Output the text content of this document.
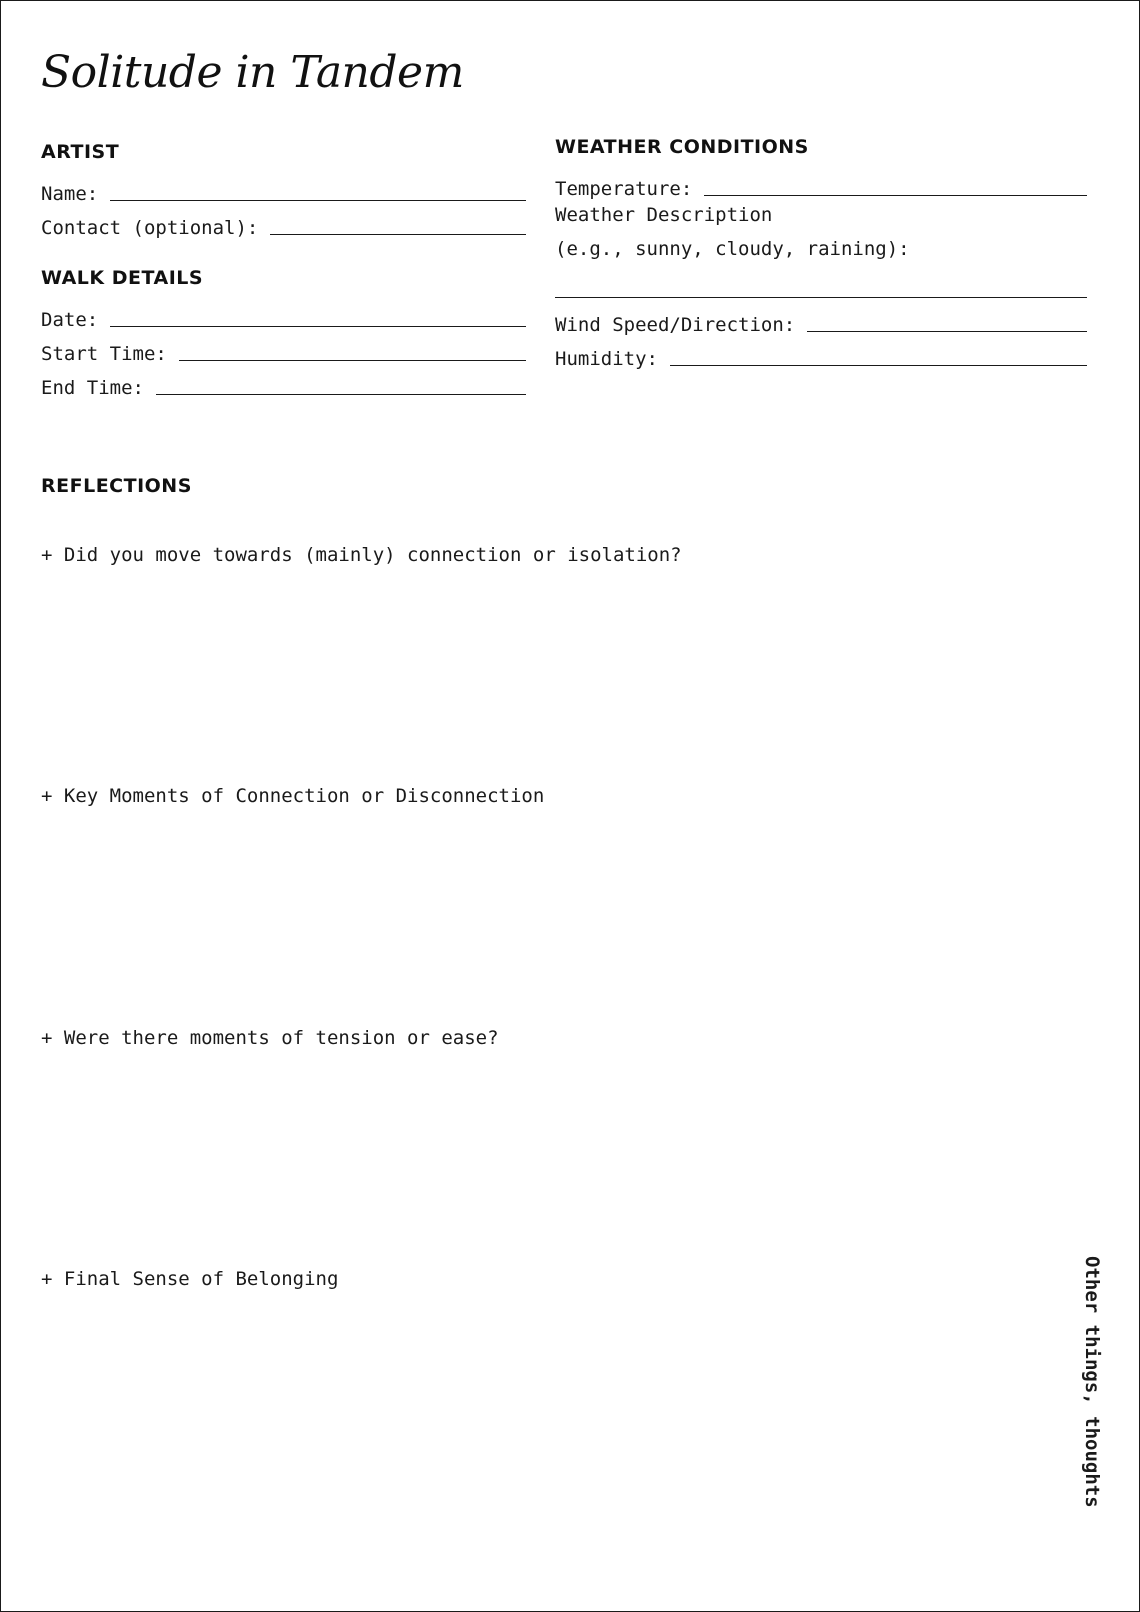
Solitude in Tandem
ARTIST
Name:
Contact (optional):
WALK DETAILS
Date:
Start Time:
End Time:
WEATHER CONDITIONS
Temperature:
Weather Description
(e.g., sunny, cloudy, raining):
Wind Speed/Direction:
Humidity:
REFLECTIONS
+ Did you move towards (mainly) connection or isolation?
+ Key Moments of Connection or Disconnection
+ Were there moments of tension or ease?
+ Final Sense of Belonging	Other things, thoughts
